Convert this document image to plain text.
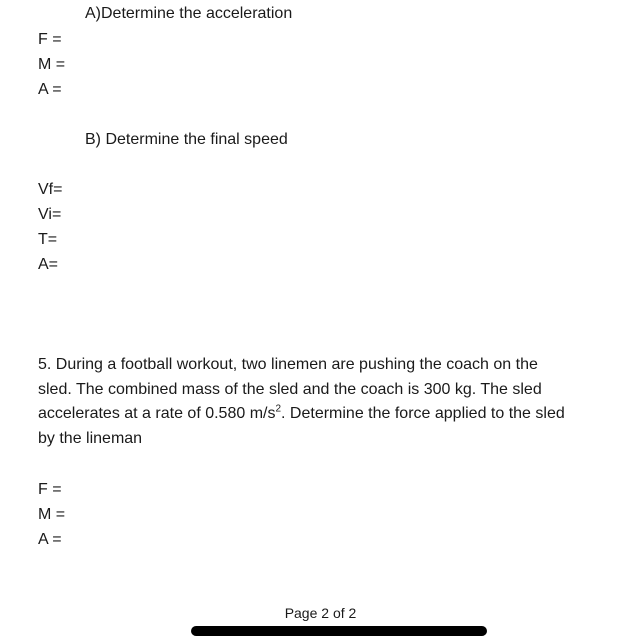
A)Determine the acceleration
F =
M =
A =
B) Determine the final speed
Vf=
Vi=
T=
A=
5. During a football workout, two linemen are pushing the coach on the
sled. The combined mass of the sled and the coach is 300 kg. The sled
accelerates at a rate of 0.580 $m/s^2$. Determine the force applied to the sled
by the lineman
F =
M =
A =
Page 2 of 2
